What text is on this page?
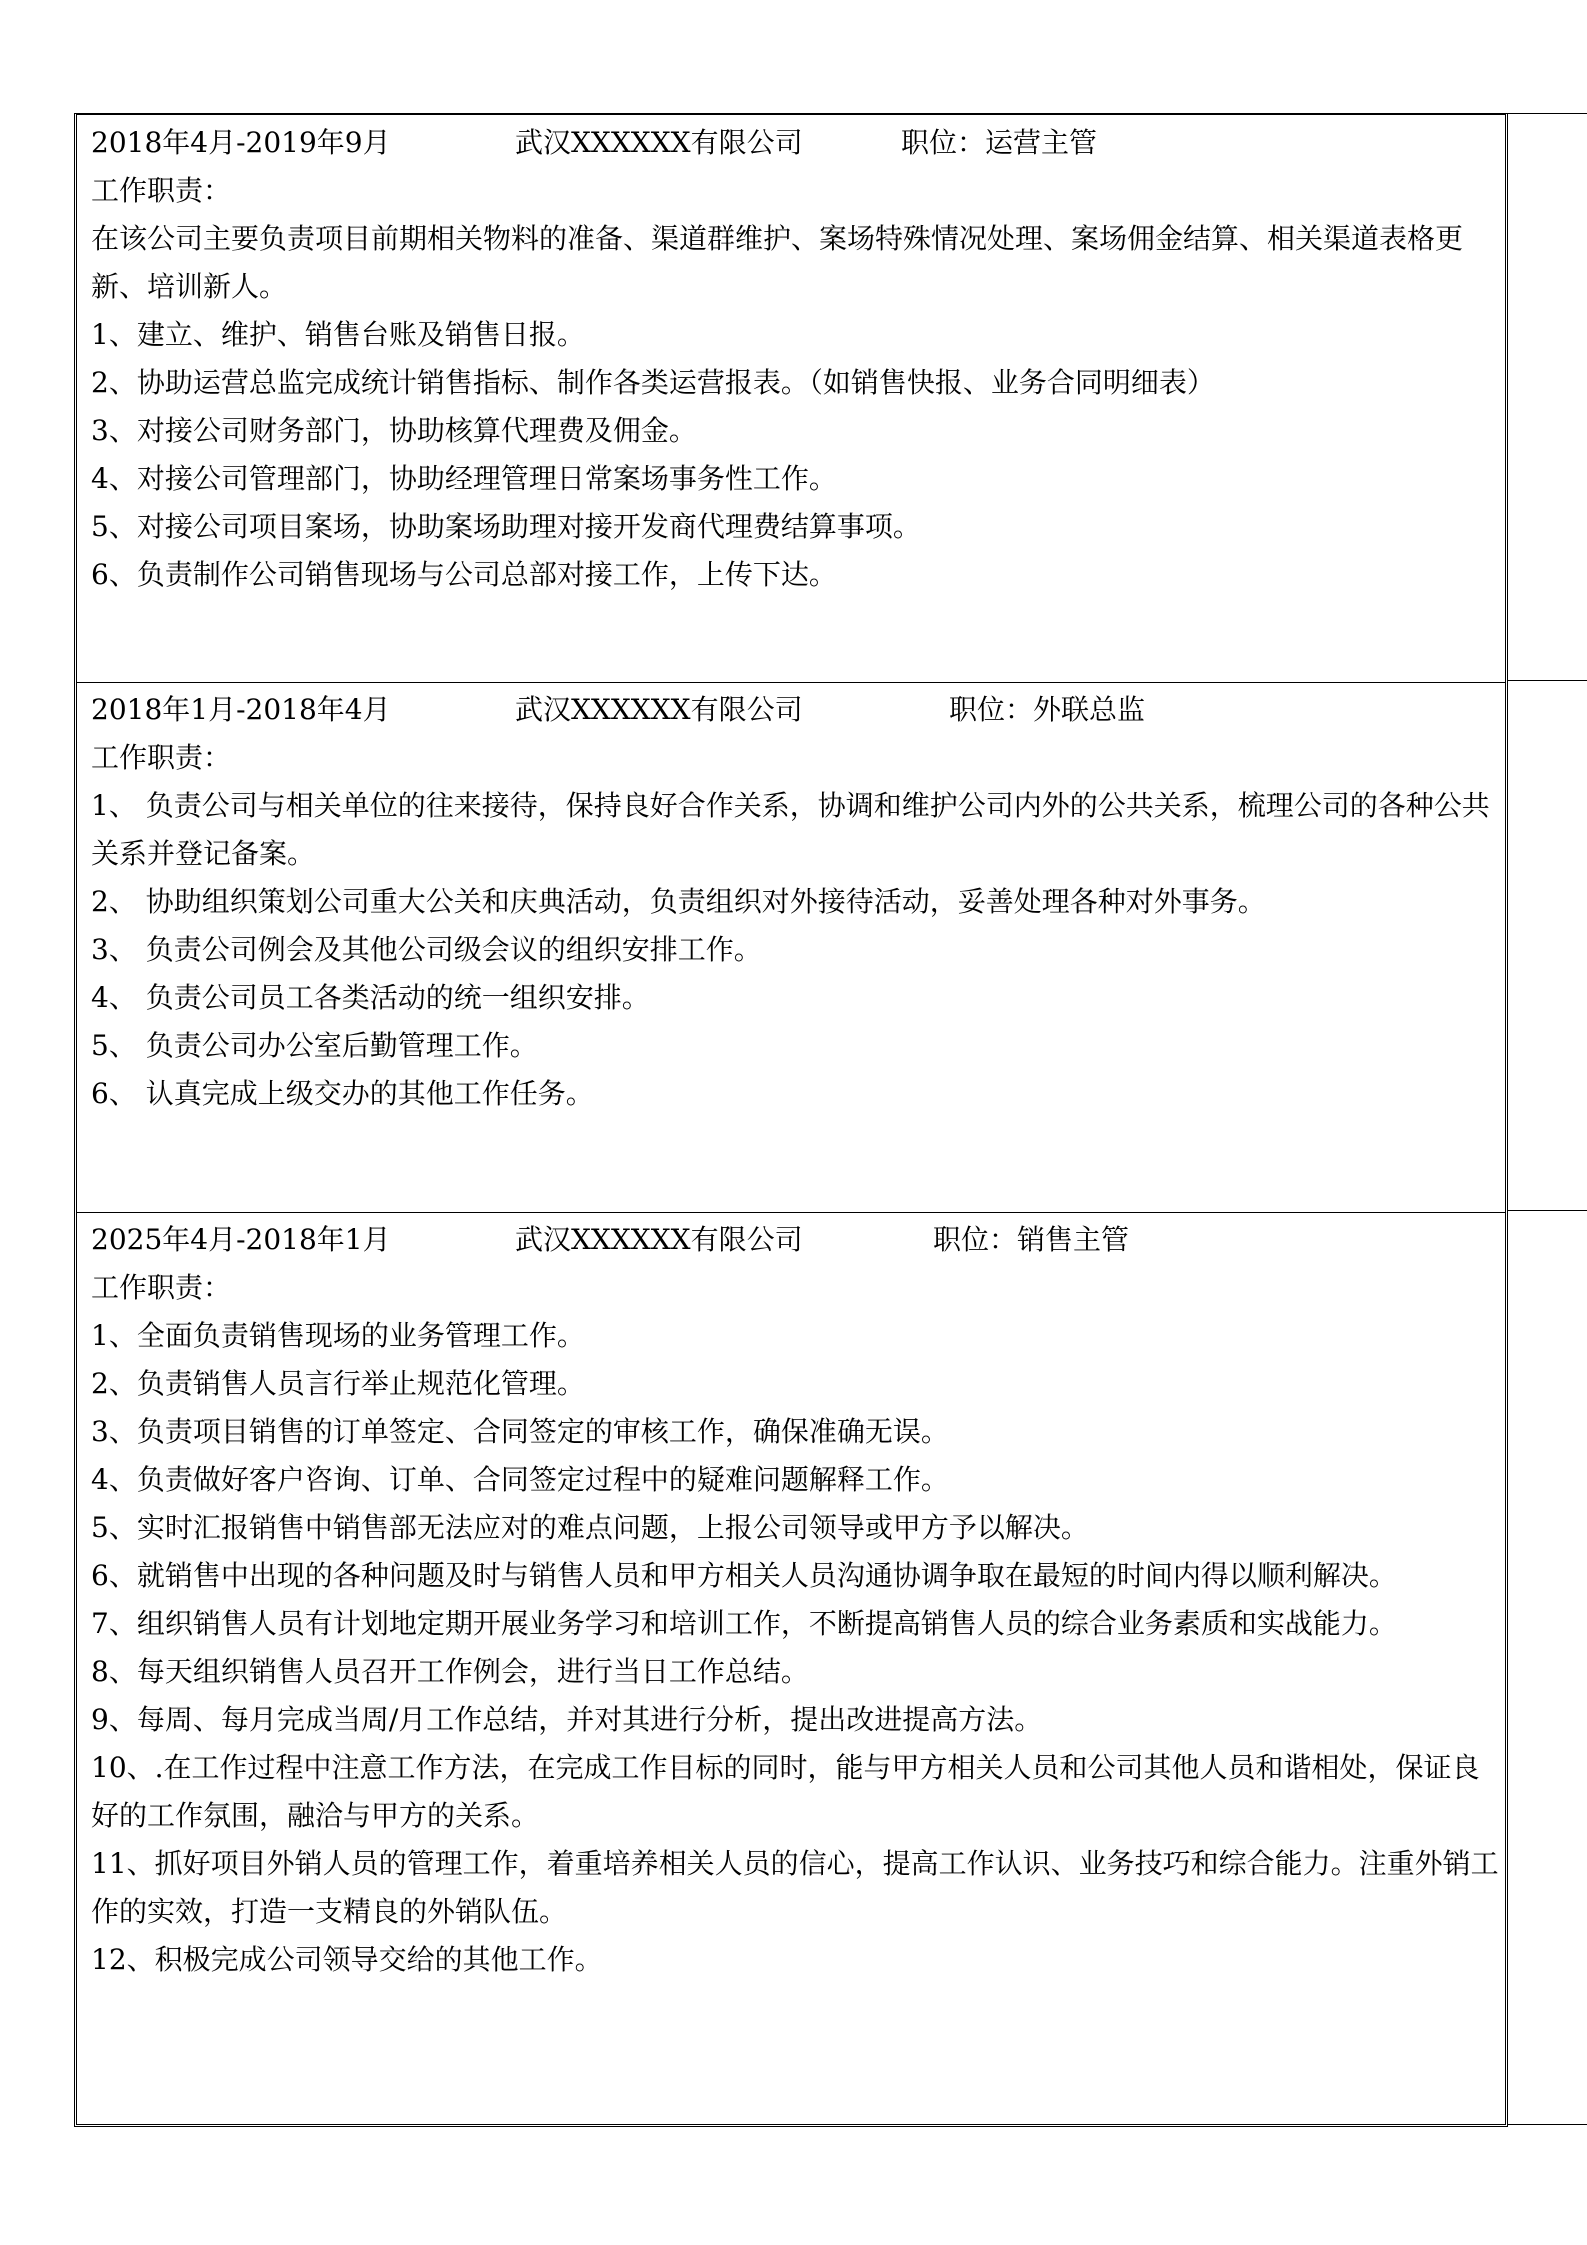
2018年4月-2019年9月	武汉XXXXXX有限公司	职位：运营主管
工作职责：

在该公司主要负责项目前期相关物料的准备、渠道群维护、案场特殊情况处理、案场佣金结算、相关渠道表格更新、培训新人。

1、建立、维护、销售台账及销售日报。

2、协助运营总监完成统计销售指标、制作各类运营报表。（如销售快报、业务合同明细表）

3、对接公司财务部门，协助核算代理费及佣金。

4、对接公司管理部门，协助经理管理日常案场事务性工作。

5、对接公司项目案场，协助案场助理对接开发商代理费结算事项。

6、负责制作公司销售现场与公司总部对接工作，上传下达。

2018年1月-2018年4月	武汉XXXXXX有限公司	职位：外联总监
工作职责：

1、 负责公司与相关单位的往来接待，保持良好合作关系，协调和维护公司内外的公共关系，梳理公司的各种公共关系并登记备案。

2、 协助组织策划公司重大公关和庆典活动，负责组织对外接待活动，妥善处理各种对外事务。

3、 负责公司例会及其他公司级会议的组织安排工作。

4、 负责公司员工各类活动的统一组织安排。

5、 负责公司办公室后勤管理工作。

6、 认真完成上级交办的其他工作任务。

2025年4月-2018年1月	武汉XXXXXX有限公司	职位：销售主管
工作职责：

1、全面负责销售现场的业务管理工作。

2、负责销售人员言行举止规范化管理。

3、负责项目销售的订单签定、合同签定的审核工作，确保准确无误。

4、负责做好客户咨询、订单、合同签定过程中的疑难问题解释工作。

5、实时汇报销售中销售部无法应对的难点问题，上报公司领导或甲方予以解决。

6、就销售中出现的各种问题及时与销售人员和甲方相关人员沟通协调争取在最短的时间内得以顺利解决。

7、组织销售人员有计划地定期开展业务学习和培训工作，不断提高销售人员的综合业务素质和实战能力。

8、每天组织销售人员召开工作例会，进行当日工作总结。

9、每周、每月完成当周/月工作总结，并对其进行分析，提出改进提高方法。

10、.在工作过程中注意工作方法，在完成工作目标的同时，能与甲方相关人员和公司其他人员和谐相处，保证良好的工作氛围，融洽与甲方的关系。

11、抓好项目外销人员的管理工作，着重培养相关人员的信心，提高工作认识、业务技巧和综合能力。注重外销工作的实效，打造一支精良的外销队伍。

12、积极完成公司领导交给的其他工作。
